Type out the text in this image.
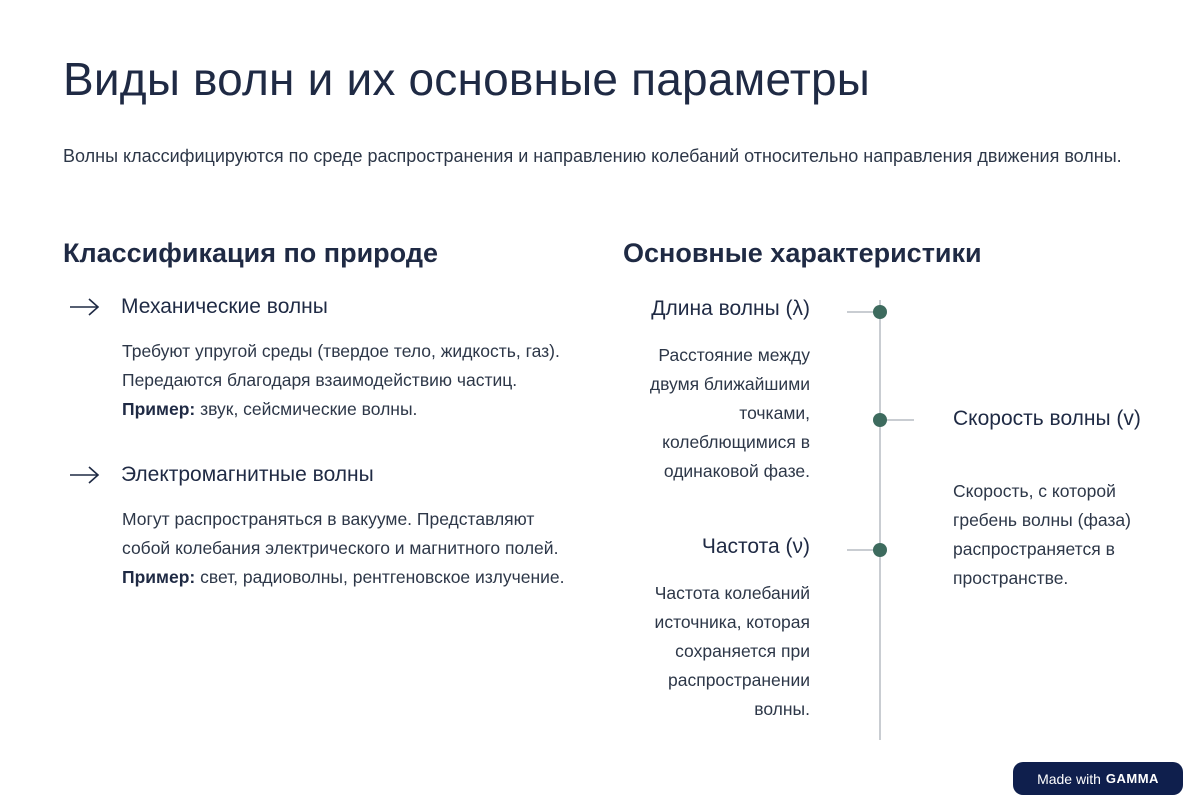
Виды волн и их основные параметры

Волны классифицируются по среде распространения и направлению колебаний относительно направления движения волны.

Классификация по природе
Механические волны

Требуют упругой среды (твердое тело, жидкость, газ). Передаются благодаря взаимодействию частиц. Пример: звук, сейсмические волны.

Электромагнитные волны

Могут распространяться в вакууме. Представляют собой колебания электрического и магнитного полей. Пример: свет, радиоволны, рентгеновское излучение.

Основные характеристики
Длина волны (λ)
Расстояние между двумя ближайшими точками, колеблющимися в одинаковой фазе.
Скорость волны (v)
Скорость, с которой гребень волны (фаза) распространяется в пространстве.
Частота (ν)
Частота колебаний источника, которая сохраняется при распространении волны.
Made with GAMMA
